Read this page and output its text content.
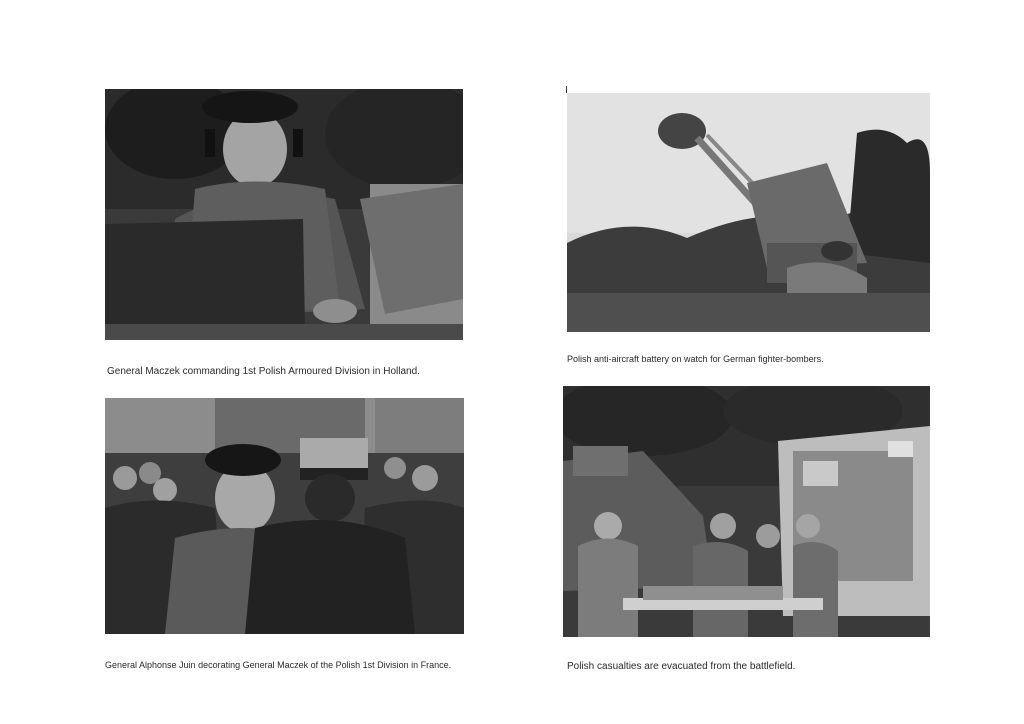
General Maczek commanding 1st Polish Armoured Division in Holland.
Polish anti-aircraft battery on watch for German fighter-bombers.
General Alphonse Juin decorating General Maczek of the Polish 1st Division in France.	Polish casualties are evacuated from the battlefield.
